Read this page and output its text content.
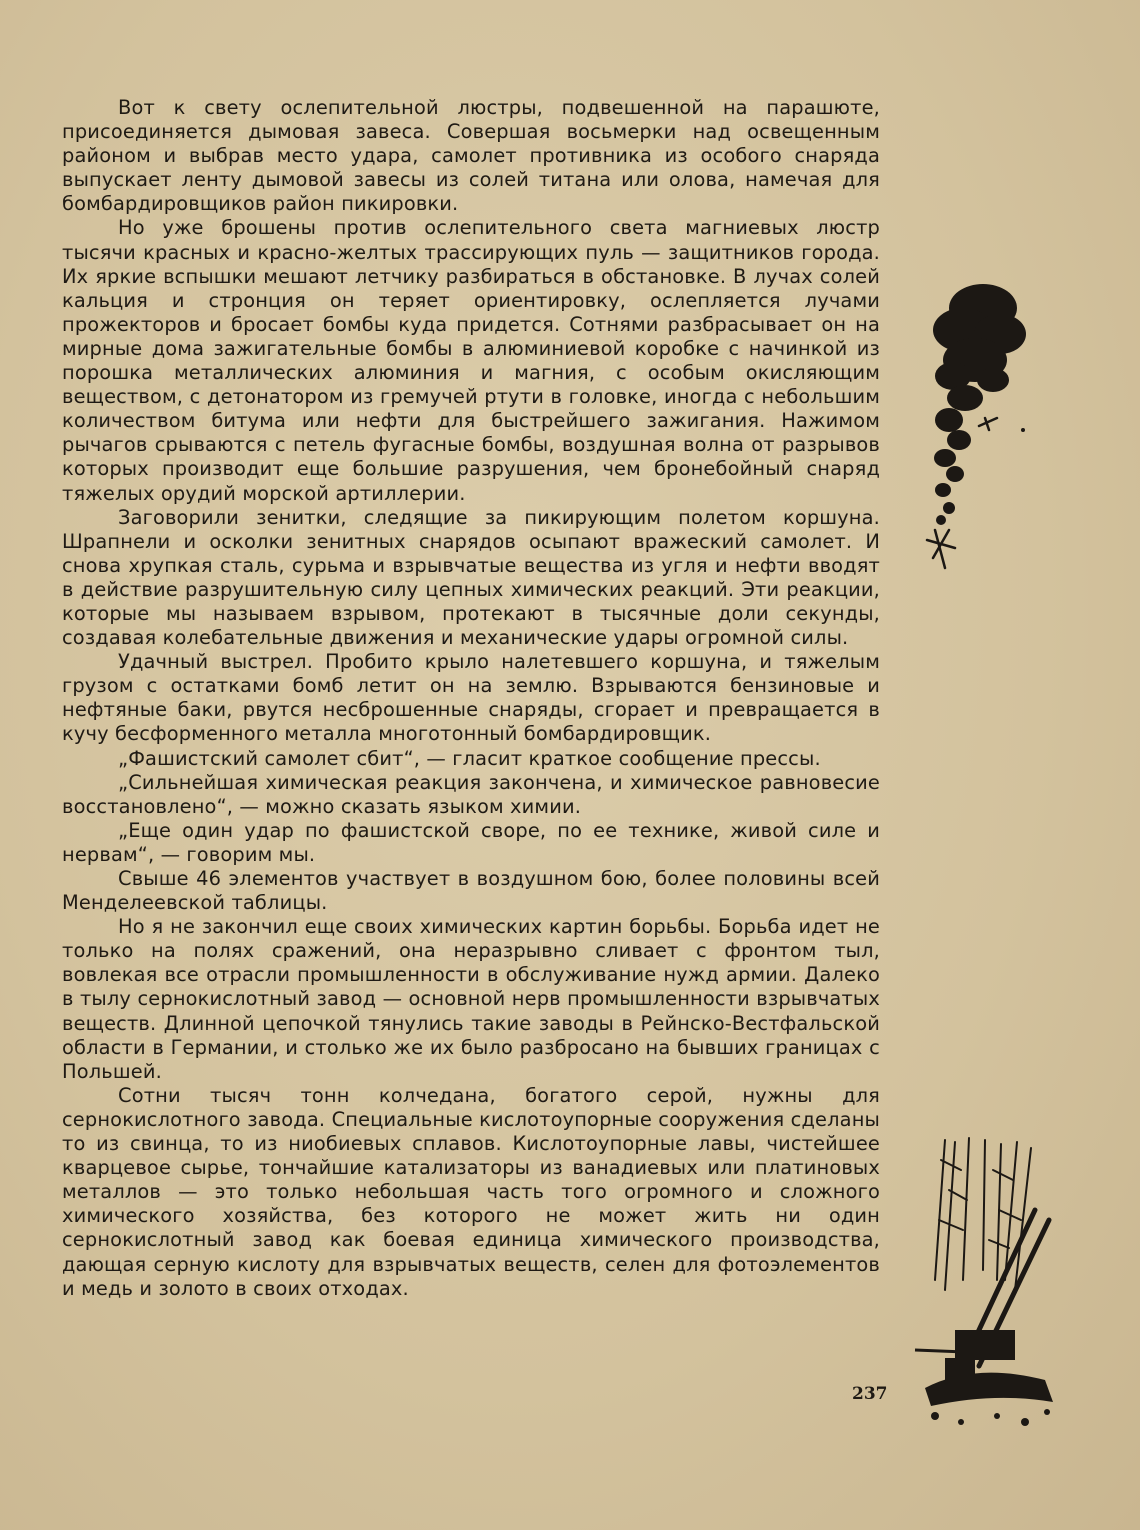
Вот к свету ослепительной люстры, подвешенной на парашюте, присоединяется дымовая завеса. Совершая восьмерки над освещенным районом и выбрав место удара, самолет противника из особого снаряда выпускает ленту дымовой завесы из солей титана или олова, намечая для бомбардировщиков район пикировки.

Но уже брошены против ослепительного света магниевых люстр тысячи красных и красно-желтых трассирующих пуль — защитников города. Их яркие вспышки мешают летчику разбираться в обстановке. В лучах солей кальция и стронция он теряет ориентировку, ослепляется лучами прожекторов и бросает бомбы куда придется. Сотнями разбрасывает он на мирные дома зажигательные бомбы в алюминиевой коробке с начинкой из порошка металлических алюминия и магния, с особым окисляющим веществом, с детонатором из гремучей ртути в головке, иногда с небольшим количеством битума или нефти для быстрейшего зажигания. Нажимом рычагов срываются с петель фугасные бомбы, воздушная волна от разрывов которых производит еще большие разрушения, чем бронебойный снаряд тяжелых орудий морской артиллерии.

Заговорили зенитки, следящие за пикирующим полетом коршуна. Шрапнели и осколки зенитных снарядов осыпают вражеский самолет. И снова хрупкая сталь, сурьма и взрывчатые вещества из угля и нефти вводят в действие разрушительную силу цепных химических реакций. Эти реакции, которые мы называем взрывом, протекают в тысячные доли секунды, создавая колебательные движения и механические удары огромной силы.

Удачный выстрел. Пробито крыло налетевшего коршуна, и тяжелым грузом с остатками бомб летит он на землю. Взрываются бензиновые и нефтяные баки, рвутся несброшенные снаряды, сгорает и превращается в кучу бесформенного металла многотонный бомбардировщик.

„Фашистский самолет сбит“, — гласит краткое сообщение прессы.

„Сильнейшая химическая реакция закончена, и химическое равновесие восстановлено“, — можно сказать языком химии.

„Еще один удар по фашистской своре, по ее технике, живой силе и нервам“, — говорим мы.

Свыше 46 элементов участвует в воздушном бою, более половины всей Менделеевской таблицы.

Но я не закончил еще своих химических картин борьбы. Борьба идет не только на полях сражений, она неразрывно сливает с фронтом тыл, вовлекая все отрасли промышленности в обслуживание нужд армии. Далеко в тылу сернокислотный завод — основной нерв промышленности взрывчатых веществ. Длинной цепочкой тянулись такие заводы в Рейнско-Вестфальской области в Германии, и столько же их было разбросано на бывших границах с Польшей.

Сотни тысяч тонн колчедана, богатого серой, нужны для сернокислотного завода. Специальные кислотоупорные сооружения сделаны то из свинца, то из ниобиевых сплавов. Кислотоупорные лавы, чистейшее кварцевое сырье, тончайшие катализаторы из ванадиевых или платиновых металлов — это только небольшая часть того огромного и сложного химического хозяйства, без которого не может жить ни один сернокислотный завод как боевая единица химического производства, дающая серную кислоту для взрывчатых веществ, селен для фотоэлементов и медь и золото в своих отходах.

237
